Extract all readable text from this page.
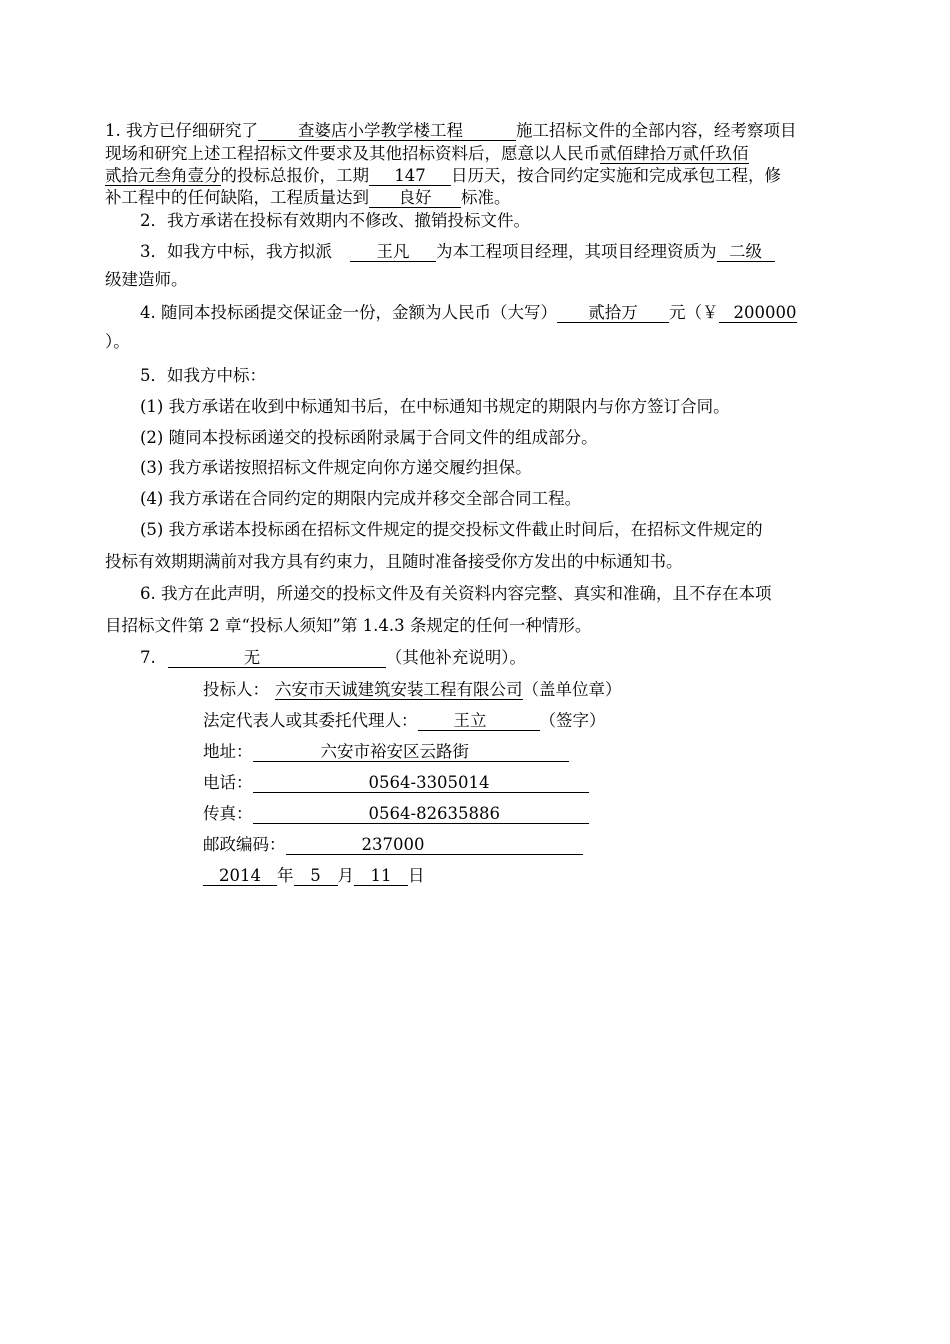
1. 我方已仔细研究了 查婆店小学教学楼工程	施工招标文件的全部内容，经考察项目
现场和研究上述工程招标文件要求及其他招标资料后，愿意以人民币贰佰肆拾万贰仟玖佰
贰拾元叁角壹分的投标总报价，工期 147 日历天，按合同约定实施和完成承包工程，修
补工程中的任何缺陷，工程质量达到 良好 标准。
2．我方承诺在投标有效期内不修改、撤销投标文件。
3．如我方中标，我方拟派	王凡 为本工程项目经理，其项目经理资质为 二级
级建造师。
4. 随同本投标函提交保证金一份，金额为人民币（大写） 贰拾万 元（￥ 200000
）。
5．如我方中标：
(1) 我方承诺在收到中标通知书后，在中标通知书规定的期限内与你方签订合同。
(2) 随同本投标函递交的投标函附录属于合同文件的组成部分。
(3) 我方承诺按照招标文件规定向你方递交履约担保。
(4) 我方承诺在合同约定的期限内完成并移交全部合同工程。
(5) 我方承诺本投标函在招标文件规定的提交投标文件截止时间后，在招标文件规定的
投标有效期期满前对我方具有约束力，且随时准备接受你方发出的中标通知书。
6. 我方在此声明，所递交的投标文件及有关资料内容完整、真实和准确，且不存在本项
目招标文件第 2 章“投标人须知”第 1.4.3 条规定的任何一种情形。
7.	无	（其他补充说明）。
投标人： 六安市天诚建筑安装工程有限公司（盖单位章）
法定代表人或其委托代理人： 王立	（签字）
地址：	六安市裕安区云路街
电话：	0564-3305014
传真：	0564-82635886
邮政编码：	237000
2014 年 5 月 11 日
